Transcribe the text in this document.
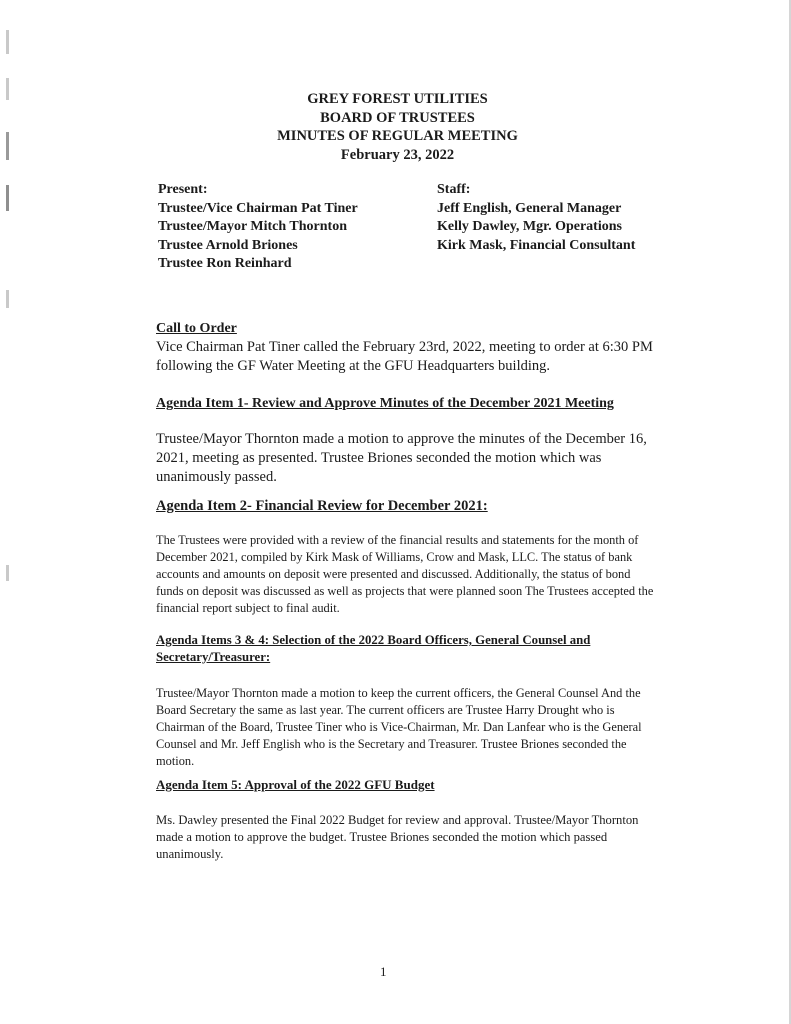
GREY FOREST UTILITIES
BOARD OF TRUSTEES
MINUTES OF REGULAR MEETING
February 23, 2022
Present:
Trustee/Vice Chairman Pat Tiner
Trustee/Mayor Mitch Thornton
Trustee Arnold Briones
Trustee Ron Reinhard
Staff:
Jeff English, General Manager
Kelly Dawley, Mgr. Operations
Kirk Mask, Financial Consultant
Call to Order
Vice Chairman Pat Tiner called the February 23rd, 2022, meeting to order at 6:30 PM following the GF Water Meeting at the GFU Headquarters building.
Agenda Item 1- Review and Approve Minutes of the December 2021 Meeting
Trustee/Mayor Thornton made a motion to approve the minutes of the December 16, 2021, meeting as presented. Trustee Briones seconded the motion which was unanimously passed.
Agenda Item 2- Financial Review for December 2021:
The Trustees were provided with a review of the financial results and statements for the month of December 2021, compiled by Kirk Mask of Williams, Crow and Mask, LLC. The status of bank accounts and amounts on deposit were presented and discussed. Additionally, the status of bond funds on deposit was discussed as well as projects that were planned soon The Trustees accepted the financial report subject to final audit.
Agenda Items 3 & 4: Selection of the 2022 Board Officers, General Counsel and Secretary/Treasurer:
Trustee/Mayor Thornton made a motion to keep the current officers, the General Counsel And the Board Secretary the same as last year. The current officers are Trustee Harry Drought who is Chairman of the Board, Trustee Tiner who is Vice-Chairman, Mr. Dan Lanfear who is the General Counsel and Mr. Jeff English who is the Secretary and Treasurer. Trustee Briones seconded the motion.
Agenda Item 5: Approval of the 2022 GFU Budget
Ms. Dawley presented the Final 2022 Budget for review and approval. Trustee/Mayor Thornton made a motion to approve the budget. Trustee Briones seconded the motion which passed unanimously.
1
